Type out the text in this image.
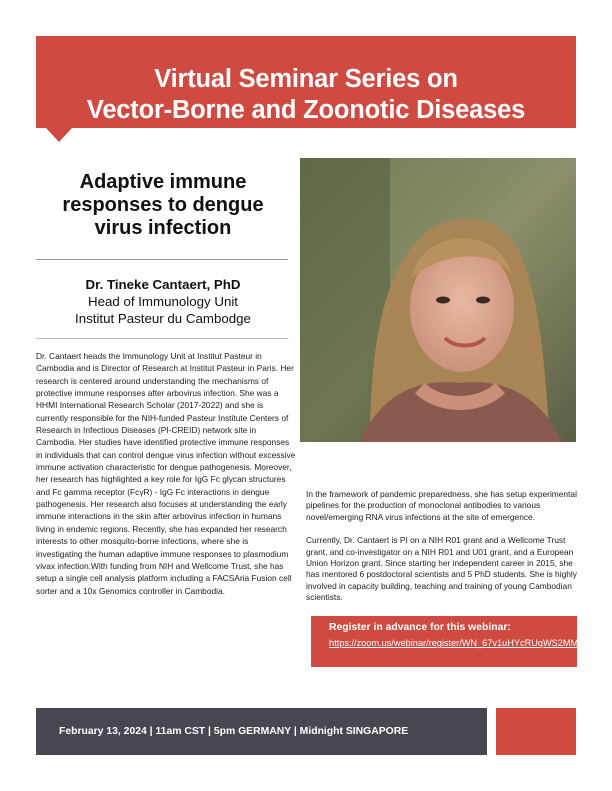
Virtual Seminar Series on
Vector-Borne and Zoonotic Diseases
Adaptive immune responses to dengue virus infection
Dr. Tineke Cantaert, PhD
Head of Immunology Unit
Institut Pasteur du Cambodge

Dr. Cantaert heads the Immunology Unit at Institut Pasteur in Cambodia and is Director of Research at Institut Pasteur in Paris. Her research is centered around understanding the mechanisms of protective immune responses after arbovirus infection. She was a HHMI International Research Scholar (2017-2022) and she is currently responsible for the NIH-funded Pasteur Institute Centers of Research in Infectious Diseases (PI-CREID) network site in Cambodia. Her studies have identified protective immune responses in individuals that can control dengue virus infection without excessive immune activation characteristic for dengue pathogenesis. Moreover, her research has highlighted a key role for IgG Fc glycan structures and Fc gamma receptor (FcγR) - IgG Fc interactions in dengue pathogenesis. Her research also focuses at understanding the early immune interactions in the skin after arbovirus infection in humans living in endemic regions. Recently, she has expanded her research interests to other mosquito-borne infections, where she is investigating the human adaptive immune responses to plasmodium vivax infection.With funding from NIH and Wellcome Trust, she has setup a single cell analysis platform including a FACSAria Fusion cell sorter and a 10x Genomics controller in Cambodia.

In the framework of pandemic preparedness, she has setup experimental pipelines for the production of monoclonal antibodies to various novel/emerging RNA virus infections at the site of emergence.

Currently, Dr. Cantaert is PI on a NIH R01 grant and a Wellcome Trust grant, and co-investigator on a NIH R01 and U01 grant, and a European Union Horizon grant. Since starting her independent career in 2015, she has mentored 6 postdoctoral scientists and 5 PhD students. She is highly involved in capacity building, teaching and training of young Cambodian scientists.

Register in advance for this webinar:
https://zoom.us/webinar/register/WN_67v1uHYcRUqWS2MMMlJNEA
February 13, 2024 | 11am CST | 5pm GERMANY | Midnight SINGAPORE
